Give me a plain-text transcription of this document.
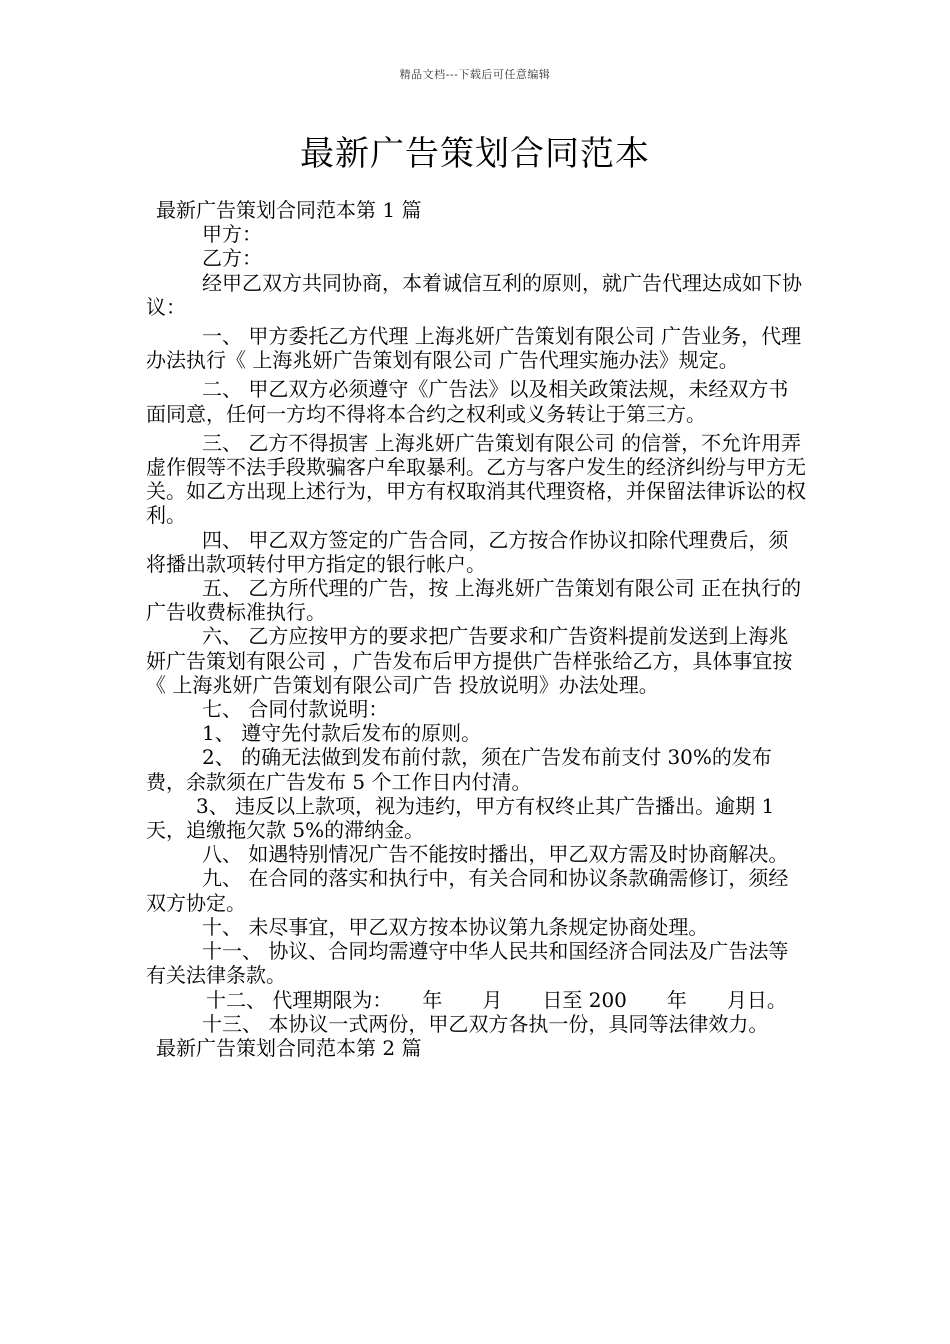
精品文档---下载后可任意编辑
最新广告策划合同范本

最新广告策划合同范本第 1 篇

甲方：

乙方：

经甲乙双方共同协商，本着诚信互利的原则，就广告代理达成如下协议：

一、 甲方委托乙方代理 上海兆妍广告策划有限公司 广告业务，代理办法执行《 上海兆妍广告策划有限公司 广告代理实施办法》规定。

二、 甲乙双方必须遵守《广告法》以及相关政策法规，未经双方书面同意，任何一方均不得将本合约之权利或义务转让于第三方。

三、 乙方不得损害 上海兆妍广告策划有限公司 的信誉，不允许用弄虚作假等不法手段欺骗客户牟取暴利。乙方与客户发生的经济纠纷与甲方无关。如乙方出现上述行为，甲方有权取消其代理资格，并保留法律诉讼的权利。

四、 甲乙双方签定的广告合同，乙方按合作协议扣除代理费后，须将播出款项转付甲方指定的银行帐户。

五、 乙方所代理的广告，按 上海兆妍广告策划有限公司 正在执行的广告收费标准执行。

六、 乙方应按甲方的要求把广告要求和广告资料提前发送到上海兆妍广告策划有限公司 ，广告发布后甲方提供广告样张给乙方，具体事宜按《 上海兆妍广告策划有限公司广告 投放说明》办法处理。

七、 合同付款说明：

1、 遵守先付款后发布的原则。

2、 的确无法做到发布前付款，须在广告发布前支付 30%的发布费，余款须在广告发布 5 个工作日内付清。

3、 违反以上款项，视为违约，甲方有权终止其广告播出。逾期 1 天，追缴拖欠款 5%的滞纳金。

八、 如遇特别情况广告不能按时播出，甲乙双方需及时协商解决。

九、 在合同的落实和执行中，有关合同和协议条款确需修订，须经双方协定。

十、 未尽事宜，甲乙双方按本协议第九条规定协商处理。

十一、 协议、合同均需遵守中华人民共和国经济合同法及广告法等有关法律条款。

十二、 代理期限为：　　年　　月　　日至 200　　年　　月日。

十三、 本协议一式两份，甲乙双方各执一份，具同等法律效力。

最新广告策划合同范本第 2 篇
